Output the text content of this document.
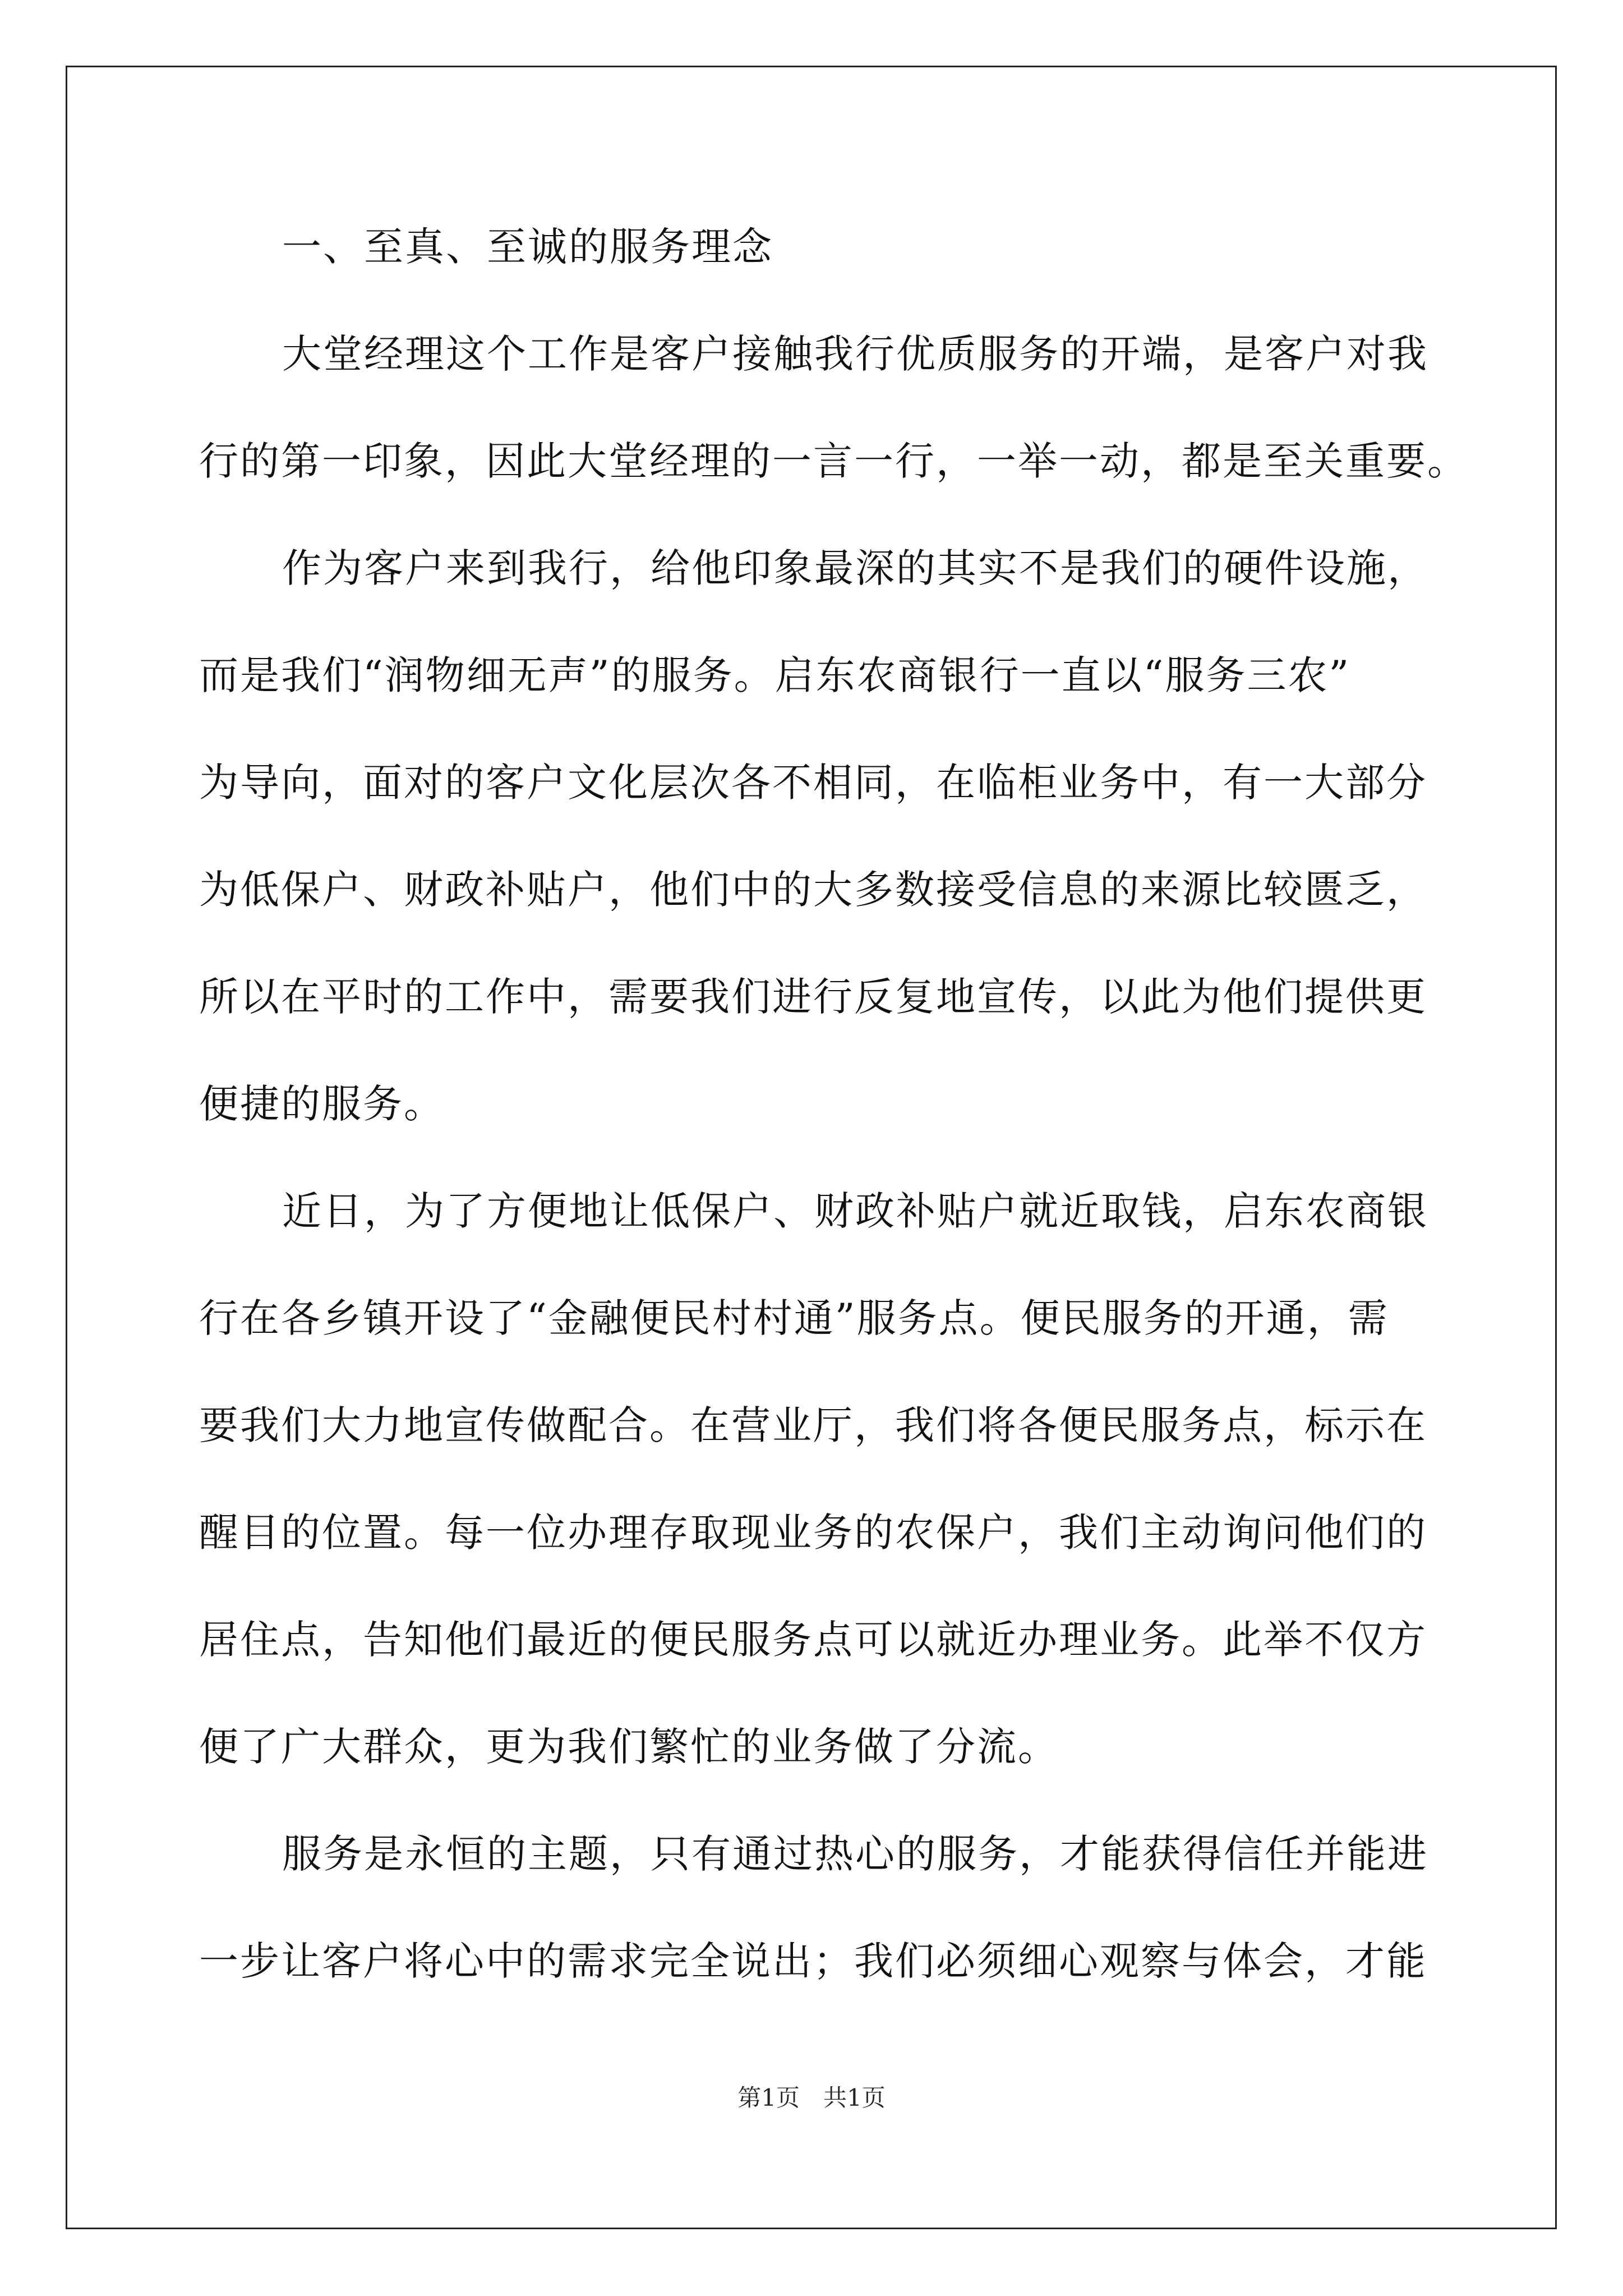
一、至真、至诚的服务理念
大堂经理这个工作是客户接触我行优质服务的开端，是客户对我
行的第一印象，因此大堂经理的一言一行，一举一动，都是至关重要。
作为客户来到我行，给他印象最深的其实不是我们的硬件设施，
而是我们“润物细无声”的服务。启东农商银行一直以“服务三农”
为导向，面对的客户文化层次各不相同，在临柜业务中，有一大部分
为低保户、财政补贴户，他们中的大多数接受信息的来源比较匮乏，
所以在平时的工作中，需要我们进行反复地宣传，以此为他们提供更
便捷的服务。
近日，为了方便地让低保户、财政补贴户就近取钱，启东农商银
行在各乡镇开设了“金融便民村村通”服务点。便民服务的开通，需
要我们大力地宣传做配合。在营业厅，我们将各便民服务点，标示在
醒目的位置。每一位办理存取现业务的农保户，我们主动询问他们的
居住点，告知他们最近的便民服务点可以就近办理业务。此举不仅方
便了广大群众，更为我们繁忙的业务做了分流。
服务是永恒的主题，只有通过热心的服务，才能获得信任并能进
一步让客户将心中的需求完全说出；我们必须细心观察与体会，才能
第1页　共1页
